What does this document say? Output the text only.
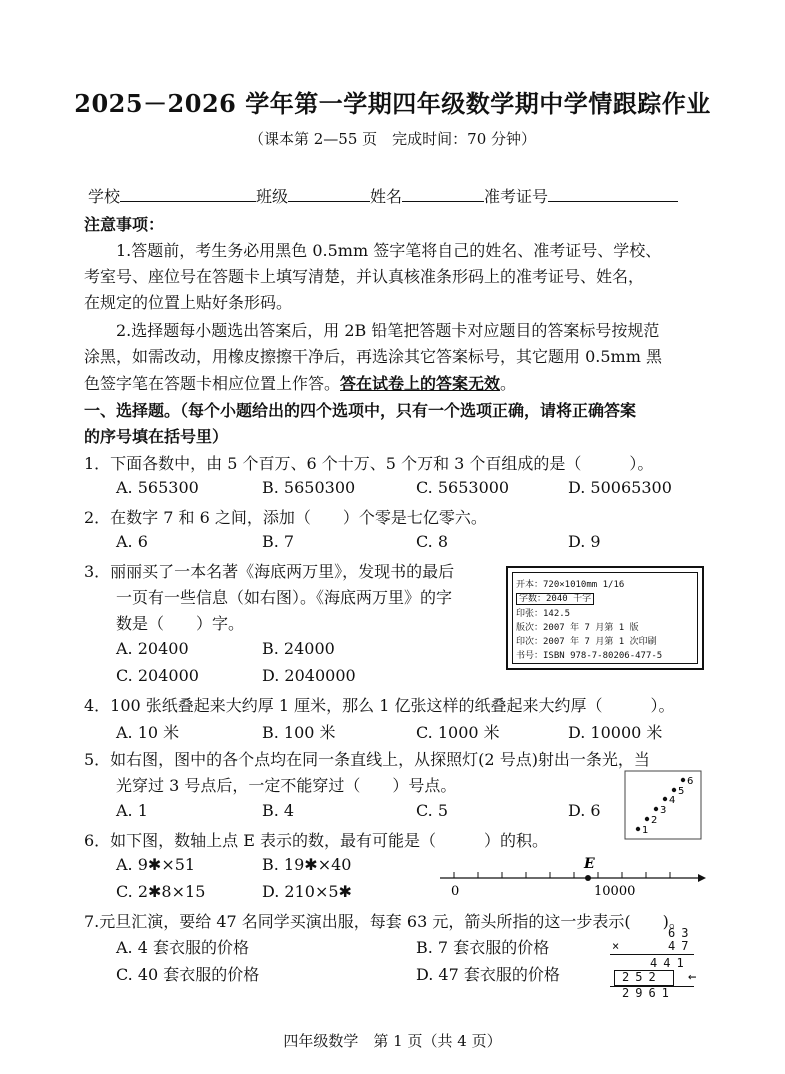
2025－2026 学年第一学期四年级数学期中学情跟踪作业
（课本第 2—55 页　完成时间：70 分钟）
学校	班级	姓名	准考证号
注意事项：
1.答题前，考生务必用黑色 0.5mm 签字笔将自己的姓名、准考证号、学校、
考室号、座位号在答题卡上填写清楚，并认真核准条形码上的准考证号、姓名，
在规定的位置上贴好条形码。
2.选择题每小题选出答案后，用 2B 铅笔把答题卡对应题目的答案标号按规范
涂黑，如需改动，用橡皮擦擦干净后，再选涂其它答案标号，其它题用 0.5mm 黑
色签字笔在答题卡相应位置上作答。答在试卷上的答案无效。
一、选择题。（每个小题给出的四个选项中，只有一个选项正确，请将正确答案
的序号填在括号里）
1．下面各数中，由 5 个百万、6 个十万、5 个万和 3 个百组成的是（　　　）。
A. 565300	B. 5650300	C. 5653000	D. 50065300
2．在数字 7 和 6 之间，添加（　　）个零是七亿零六。
A. 6	B. 7	C. 8	D. 9
3．丽丽买了一本名著《海底两万里》，发现书的最后
一页有一些信息（如右图）。《海底两万里》的字
数是（　　）字。
A. 20400	B. 24000
C. 204000	D. 2040000
开本：720×1010mm 1/16
字数：2040 千字
印张：142.5
版次：2007 年 7 月第 1 版
印次：2007 年 7 月第 1 次印刷
书号：ISBN 978-7-80206-477-5
4．100 张纸叠起来大约厚 1 厘米，那么 1 亿张这样的纸叠起来大约厚（　　　）。
A. 10 米	B. 100 米	C. 1000 米	D. 10000 米
5．如右图，图中的各个点均在同一条直线上，从探照灯(2 号点)射出一条光，当
光穿过 3 号点后，一定不能穿过（　　）号点。
A. 1	B. 4	C. 5	D. 6
1
2
3
4
5
6
6．如下图，数轴上点 E 表示的数，最有可能是（　　　）的积。
A. 9✱×51	B. 19✱×40
C. 2✱8×15	D. 210×5✱
E
0	10000
7.元旦汇演，要给 47 名同学买演出服，每套 63 元，箭头所指的这一步表示(　　)。
A. 4 套衣服的价格	B. 7 套衣服的价格
C. 40 套衣服的价格	D. 47 套衣服的价格
63
×	47
441
252 ←
2961
四年级数学　第 1 页（共 4 页）
